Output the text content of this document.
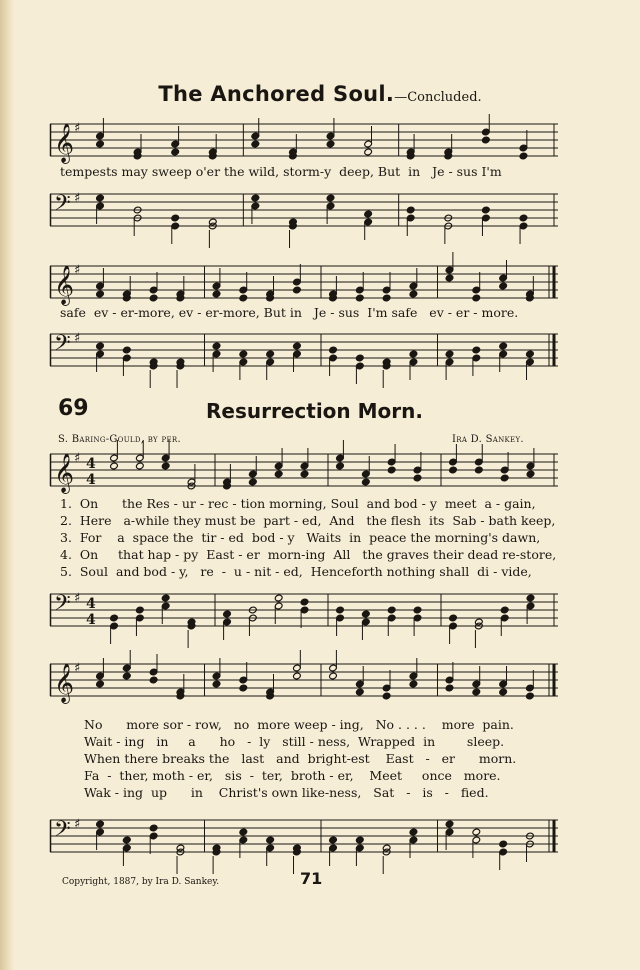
The Anchored Soul.—Concluded.
𝄞 ♯
tempests may sweep o'er the wild, storm-y  deep, But  in   Je - sus I'm
𝄢 ♯
𝄞 ♯
safe  ev - er-more, ev - er-more, But in   Je - sus  I'm safe   ev - er - more.
𝄢 ♯
69	Resurrection Morn.
S. Baring-Gould, by per.	Ira D. Sankey.
𝄞 ♯ 4
4
1.  On      the Res - ur - rec - tion morning, Soul  and bod - y  meet  a - gain,
2.  Here   a-while they must be  part - ed,  And   the flesh  its  Sab - bath keep,
3.  For    a  space the  tir - ed  bod - y   Waits  in  peace the morning's dawn,
4.  On     that hap - py  East - er  morn-ing  All   the graves their dead re-store,
5.  Soul  and bod - y,   re  -  u - nit - ed,  Henceforth nothing shall  di - vide,
𝄢 ♯ 4
4
𝄞 ♯
No      more sor - row,   no  more weep - ing,   No . . . .    more  pain.
Wait - ing   in     a      ho   -  ly   still - ness,  Wrapped  in        sleep.
When there breaks the   last   and  bright-est    East   -   er      morn.
Fa  -  ther, moth - er,   sis  -  ter,  broth - er,    Meet     once   more.
Wak - ing  up      in    Christ's own like-ness,   Sat   -   is   -   fied.
𝄢 ♯
Copyright, 1887, by Ira D. Sankey.	71
